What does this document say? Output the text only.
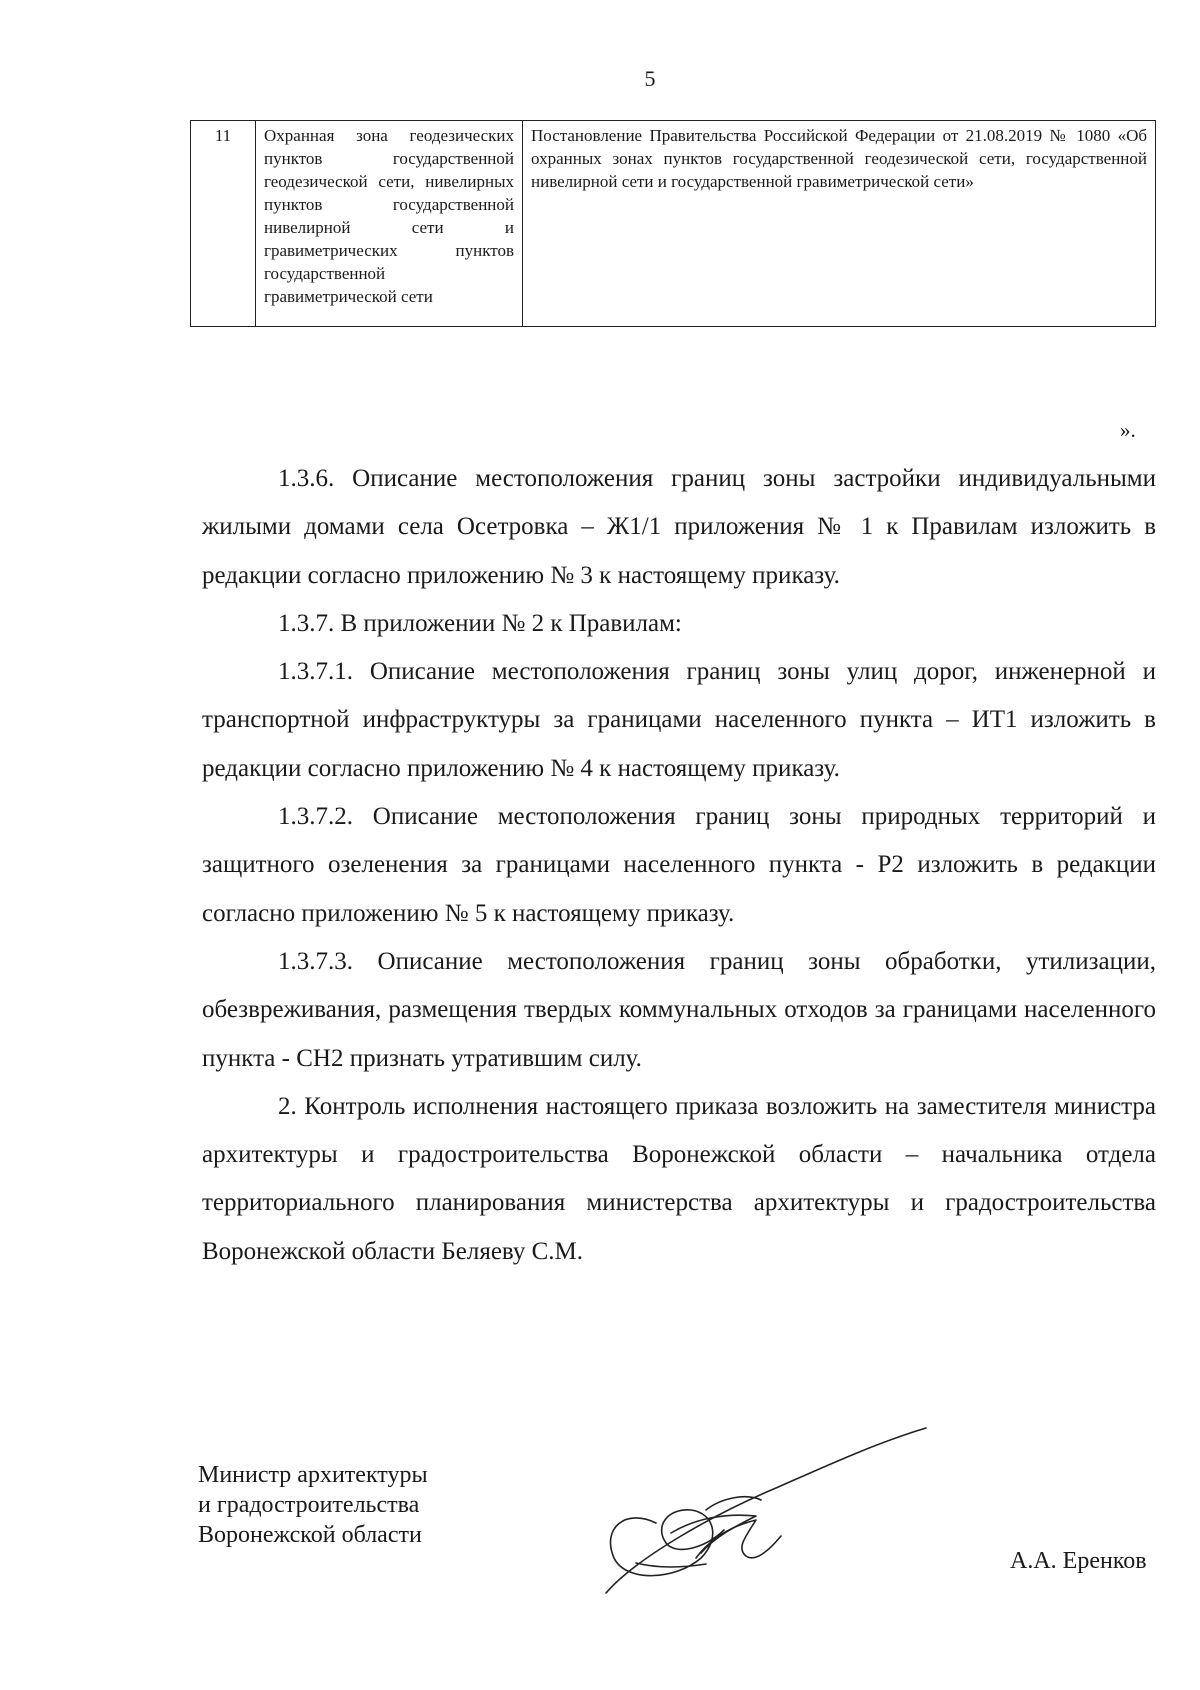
5
11	Охранная зона геодезических пунктов государственной геодезической сети, нивелирных пунктов государственной нивелирной сети и гравиметрических пунктов государственной гравиметрической сети	Постановление Правительства Российской Федерации от 21.08.2019 № 1080 «Об охранных зонах пунктов государственной геодезической сети, государственной нивелирной сети и государственной гравиметрической сети»
».

1.3.6. Описание местоположения границ зоны застройки индивидуальными жилыми домами села Осетровка – Ж1/1 приложения № 1 к Правилам изложить в редакции согласно приложению № 3 к настоящему приказу.

1.3.7. В приложении № 2 к Правилам:

1.3.7.1. Описание местоположения границ зоны улиц дорог, инженерной и транспортной инфраструктуры за границами населенного пункта – ИТ1 изложить в редакции согласно приложению № 4 к настоящему приказу.

1.3.7.2. Описание местоположения границ зоны природных территорий и защитного озеленения за границами населенного пункта - Р2 изложить в редакции согласно приложению № 5 к настоящему приказу.

1.3.7.3. Описание местоположения границ зоны обработки, утилизации, обезвреживания, размещения твердых коммунальных отходов за границами населенного пункта - СН2 признать утратившим силу.

2. Контроль исполнения настоящего приказа возложить на заместителя министра архитектуры и градостроительства Воронежской области – начальника отдела территориального планирования министерства архитектуры и градостроительства Воронежской области Беляеву С.М.

Министр архитектуры
и градостроительства
Воронежской области
А.А. Еренков
